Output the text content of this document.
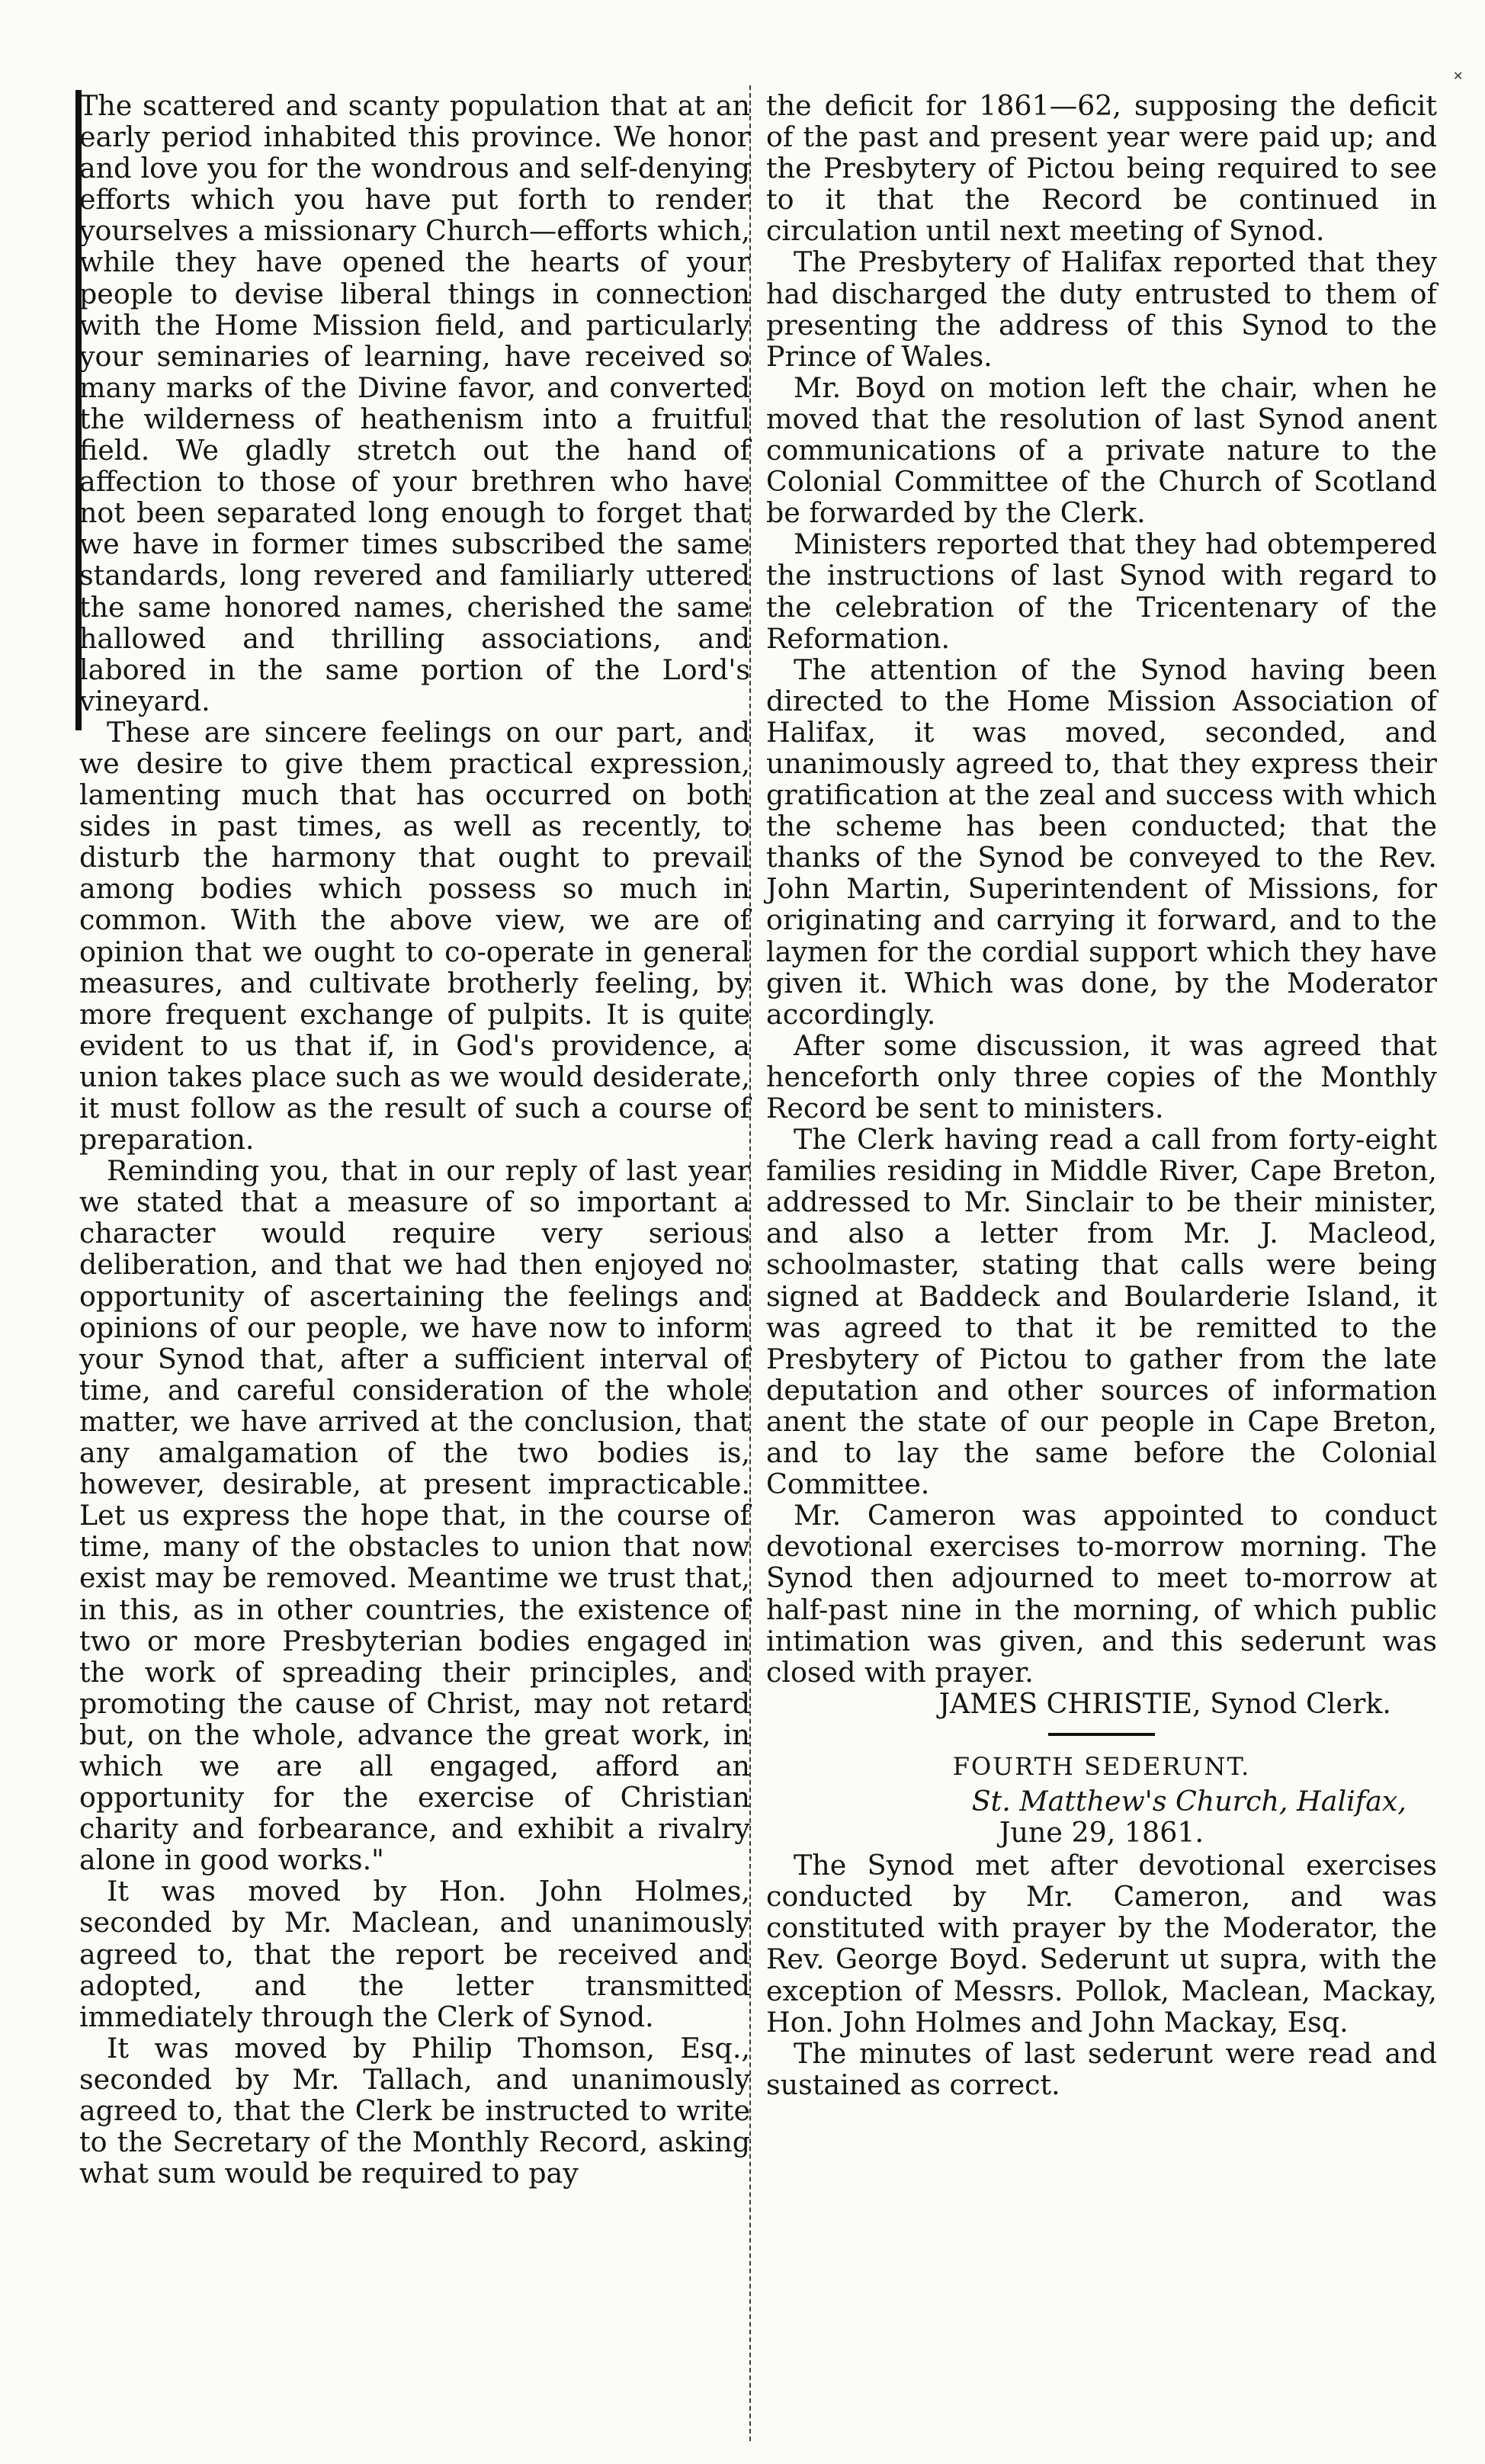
✕

The scattered and scanty population that at an early period inhabited this province. We honor and love you for the wondrous and self-denying efforts which you have put forth to render yourselves a missionary Church—efforts which, while they have opened the hearts of your people to devise liberal things in connection with the Home Mission field, and particularly your seminaries of learning, have received so many marks of the Divine favor, and converted the wilderness of heathenism into a fruitful field. We gladly stretch out the hand of affection to those of your brethren who have not been separated long enough to forget that we have in former times subscribed the same standards, long revered and familiarly uttered the same honored names, cherished the same hallowed and thrilling associations, and labored in the same portion of the Lord's vineyard.

These are sincere feelings on our part, and we desire to give them practical expression, lamenting much that has occurred on both sides in past times, as well as recently, to disturb the harmony that ought to prevail among bodies which possess so much in common. With the above view, we are of opinion that we ought to co-operate in general measures, and cultivate brotherly feeling, by more frequent exchange of pulpits. It is quite evident to us that if, in God's providence, a union takes place such as we would desiderate, it must follow as the result of such a course of preparation.

Reminding you, that in our reply of last year we stated that a measure of so important a character would require very serious deliberation, and that we had then enjoyed no opportunity of ascertaining the feelings and opinions of our people, we have now to inform your Synod that, after a sufficient interval of time, and careful consideration of the whole matter, we have arrived at the conclusion, that any amalgamation of the two bodies is, however, desirable, at present impracticable. Let us express the hope that, in the course of time, many of the obstacles to union that now exist may be removed. Meantime we trust that, in this, as in other countries, the existence of two or more Presbyterian bodies engaged in the work of spreading their principles, and promoting the cause of Christ, may not retard but, on the whole, advance the great work, in which we are all engaged, afford an opportunity for the exercise of Christian charity and forbearance, and exhibit a rivalry alone in good works."

It was moved by Hon. John Holmes, seconded by Mr. Maclean, and unanimously agreed to, that the report be received and adopted, and the letter transmitted immediately through the Clerk of Synod.

It was moved by Philip Thomson, Esq., seconded by Mr. Tallach, and unanimously agreed to, that the Clerk be instructed to write to the Secretary of the Monthly Record, asking what sum would be required to pay

the deficit for 1861—62, supposing the deficit of the past and present year were paid up; and the Presbytery of Pictou being required to see to it that the Record be continued in circulation until next meeting of Synod.

The Presbytery of Halifax reported that they had discharged the duty entrusted to them of presenting the address of this Synod to the Prince of Wales.

Mr. Boyd on motion left the chair, when he moved that the resolution of last Synod anent communications of a private nature to the Colonial Committee of the Church of Scotland be forwarded by the Clerk.

Ministers reported that they had obtempered the instructions of last Synod with regard to the celebration of the Tricentenary of the Reformation.

The attention of the Synod having been directed to the Home Mission Association of Halifax, it was moved, seconded, and unanimously agreed to, that they express their gratification at the zeal and success with which the scheme has been conducted; that the thanks of the Synod be conveyed to the Rev. John Martin, Superintendent of Missions, for originating and carrying it forward, and to the laymen for the cordial support which they have given it. Which was done, by the Moderator accordingly.

After some discussion, it was agreed that henceforth only three copies of the Monthly Record be sent to ministers.

The Clerk having read a call from forty-eight families residing in Middle River, Cape Breton, addressed to Mr. Sinclair to be their minister, and also a letter from Mr. J. Macleod, schoolmaster, stating that calls were being signed at Baddeck and Boularderie Island, it was agreed to that it be remitted to the Presbytery of Pictou to gather from the late deputation and other sources of information anent the state of our people in Cape Breton, and to lay the same before the Colonial Committee.

Mr. Cameron was appointed to conduct devotional exercises to-morrow morning. The Synod then adjourned to meet to-morrow at half-past nine in the morning, of which public intimation was given, and this sederunt was closed with prayer.

JAMES CHRISTIE, Synod Clerk.

FOURTH SEDERUNT.

St. Matthew's Church, Halifax,

June 29, 1861.

The Synod met after devotional exercises conducted by Mr. Cameron, and was constituted with prayer by the Moderator, the Rev. George Boyd. Sederunt ut supra, with the exception of Messrs. Pollok, Maclean, Mackay, Hon. John Holmes and John Mackay, Esq.

The minutes of last sederunt were read and sustained as correct.
